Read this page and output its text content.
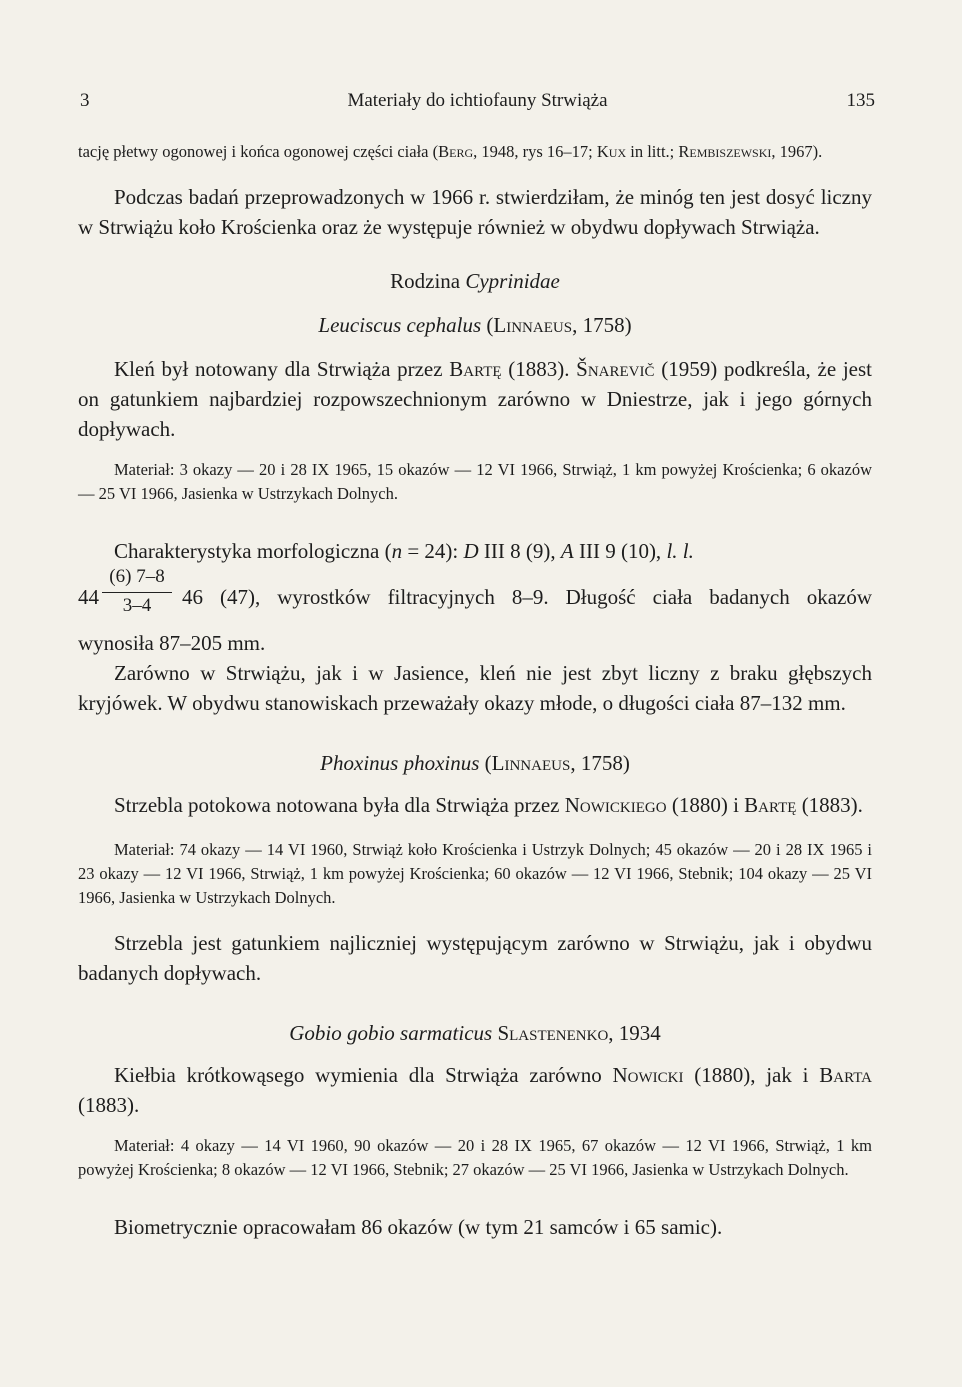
3	Materiały do ichtiofauny Strwiąża	135

tację płetwy ogonowej i końca ogonowej części ciała (Berg, 1948, rys 16–17; Kux in litt.; Rembiszewski, 1967).

Podczas badań przeprowadzonych w 1966 r. stwierdziłam, że minóg ten jest dosyć liczny w Strwiążu koło Krościenka oraz że występuje również w obydwu dopływach Strwiąża.

Rodzina Cyprinidae

Leuciscus cephalus (Linnaeus, 1758)

Kleń był notowany dla Strwiąża przez Bartę (1883). Šnarevič (1959) podkreśla, że jest on gatunkiem najbardziej rozpowszechnionym zarówno w Dniestrze, jak i jego górnych dopływach.

Materiał: 3 okazy — 20 i 28 IX 1965, 15 okazów — 12 VI 1966, Strwiąż, 1 km powyżej Krościenka; 6 okazów — 25 VI 1966, Jasienka w Ustrzykach Dolnych.

Charakterystyka morfologiczna (n = 24): D III 8 (9), A III 9 (10), l. l.

44
(6) 7–8
3–4	46 (47), wyrostków filtracyjnych 8–9. Długość ciała badanych okazów

wynosiła 87–205 mm.

Zarówno w Strwiążu, jak i w Jasience, kleń nie jest zbyt liczny z braku głębszych kryjówek. W obydwu stanowiskach przeważały okazy młode, o długości ciała 87–132 mm.

Phoxinus phoxinus (Linnaeus, 1758)

Strzebla potokowa notowana była dla Strwiąża przez Nowickiego (1880) i Bartę (1883).

Materiał: 74 okazy — 14 VI 1960, Strwiąż koło Krościenka i Ustrzyk Dolnych; 45 okazów — 20 i 28 IX 1965 i 23 okazy — 12 VI 1966, Strwiąż, 1 km powyżej Krościenka; 60 okazów — 12 VI 1966, Stebnik; 104 okazy — 25 VI 1966, Jasienka w Ustrzykach Dolnych.

Strzebla jest gatunkiem najliczniej występującym zarówno w Strwiążu, jak i obydwu badanych dopływach.

Gobio gobio sarmaticus Slastenenko, 1934

Kiełbia krótkowąsego wymienia dla Strwiąża zarówno Nowicki (1880), jak i Barta (1883).

Materiał: 4 okazy — 14 VI 1960, 90 okazów — 20 i 28 IX 1965, 67 okazów — 12 VI 1966, Strwiąż, 1 km powyżej Krościenka; 8 okazów — 12 VI 1966, Stebnik; 27 okazów — 25 VI 1966, Jasienka w Ustrzykach Dolnych.

Biometrycznie opracowałam 86 okazów (w tym 21 samców i 65 samic).
